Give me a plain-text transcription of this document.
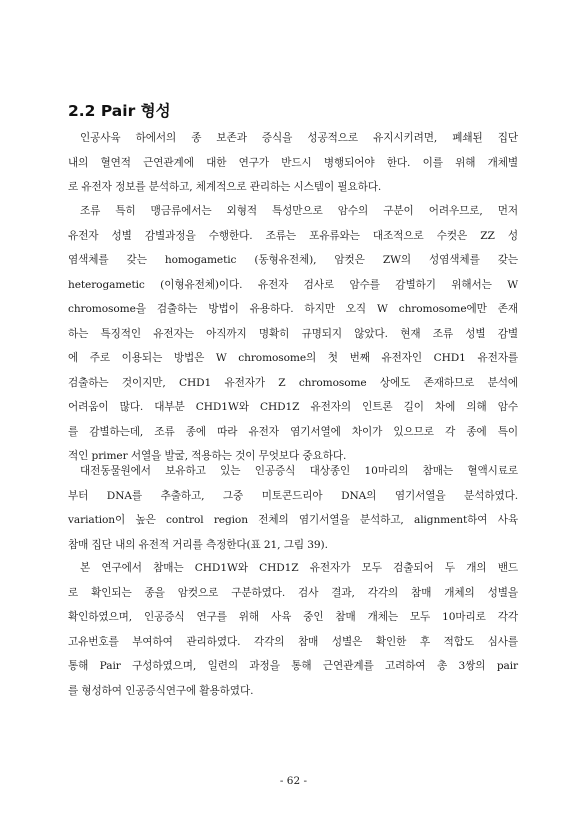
2.2 Pair 형성
인공사육 하에서의 종 보존과 증식을 성공적으로 유지시키려면, 폐쇄된 집단
내의 혈연적 근연관계에 대한 연구가 반드시 병행되어야 한다. 이를 위해 개체별
로 유전자 정보를 분석하고, 체계적으로 관리하는 시스템이 필요하다.
조류 특히 맹금류에서는 외형적 특성만으로 암수의 구분이 어려우므로, 먼저
유전자 성별 감별과정을 수행한다. 조류는 포유류와는 대조적으로 수컷은 ZZ 성
염색체를 갖는 homogametic (동형유전체), 암컷은 ZW의 성염색체를 갖는
heterogametic (이형유전체)이다. 유전자 검사로 암수를 감별하기 위해서는 W
chromosome을 검출하는 방법이 유용하다. 하지만 오직 W chromosome에만 존재
하는 특징적인 유전자는 아직까지 명확히 규명되지 않았다. 현재 조류 성별 감별
에 주로 이용되는 방법은 W chromosome의 첫 번째 유전자인 CHD1 유전자를
검출하는 것이지만, CHD1 유전자가 Z chromosome 상에도 존재하므로 분석에
어려움이 많다. 대부분 CHD1W와 CHD1Z 유전자의 인트론 길이 차에 의해 암수
를 감별하는데, 조류 종에 따라 유전자 염기서열에 차이가 있으므로 각 종에 특이
적인 primer 서열을 발굴, 적용하는 것이 무엇보다 중요하다.
대전동물원에서 보유하고 있는 인공증식 대상종인 10마리의 참매는 혈액시료로
부터 DNA를 추출하고, 그중 미토콘드리아 DNA의 염기서열을 분석하였다.
variation이 높은 control region 전체의 염기서열을 분석하고, alignment하여 사육
참매 집단 내의 유전적 거리를 측정한다(표 21, 그림 39).
본 연구에서 참매는 CHD1W와 CHD1Z 유전자가 모두 검출되어 두 개의 밴드
로 확인되는 종을 암컷으로 구분하였다. 검사 결과, 각각의 참매 개체의 성별을
확인하였으며, 인공증식 연구를 위해 사육 중인 참매 개체는 모두 10마리로 각각
고유번호를 부여하여 관리하였다. 각각의 참매 성별은 확인한 후 적합도 심사를
통해 Pair 구성하였으며, 일련의 과정을 통해 근연관계를 고려하여 총 3쌍의 pair
를 형성하여 인공증식연구에 활용하였다.
- 62 -
